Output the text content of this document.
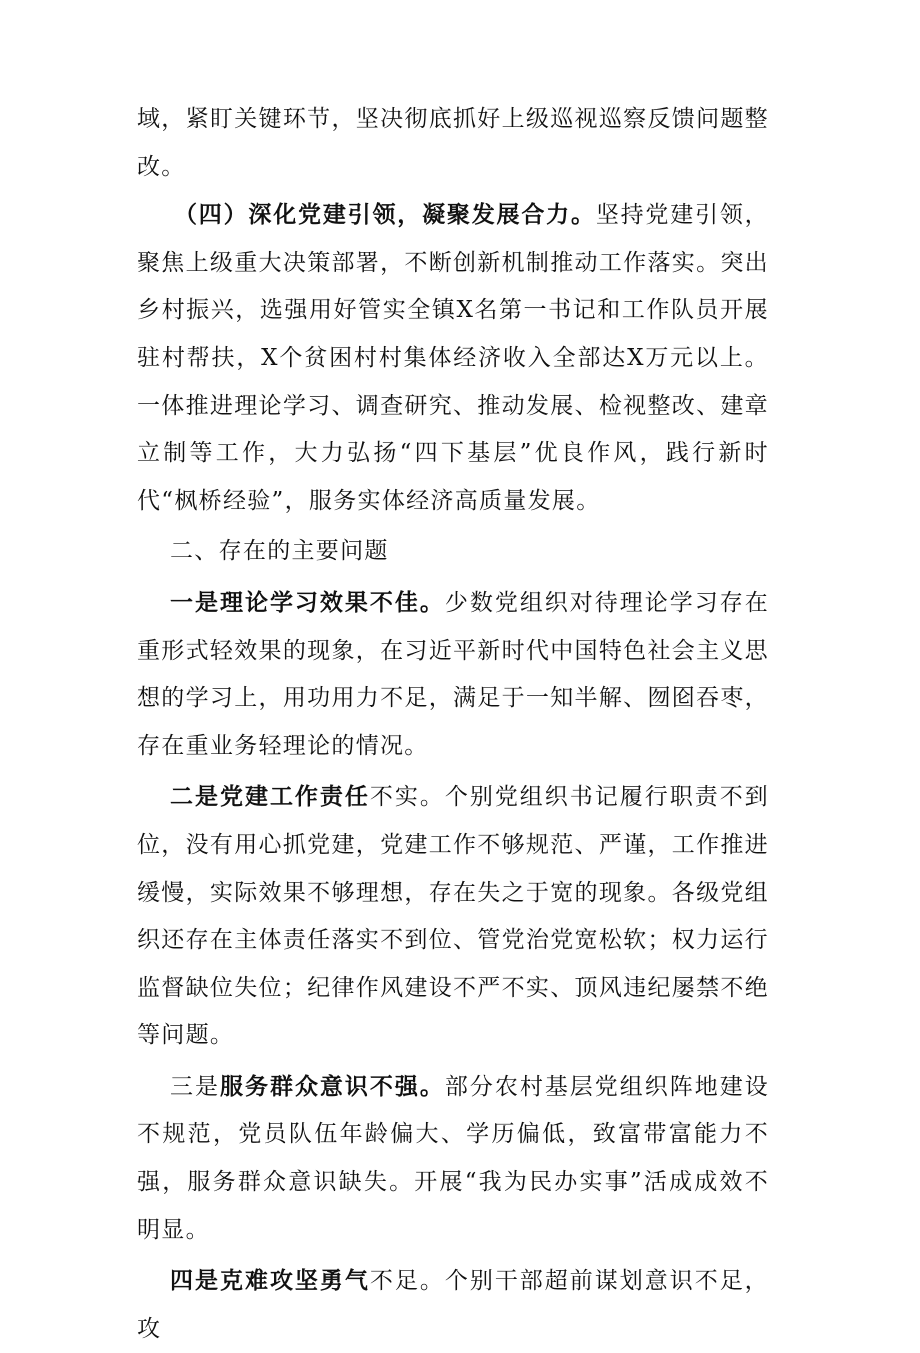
域，紧盯关键环节，坚决彻底抓好上级巡视巡察反馈问题整改。

（四）深化党建引领，凝聚发展合力。坚持党建引领，聚焦上级重大决策部署，不断创新机制推动工作落实。突出乡村振兴，选强用好管实全镇X名第一书记和工作队员开展驻村帮扶，X个贫困村村集体经济收入全部达X万元以上。一体推进理论学习、调查研究、推动发展、检视整改、建章立制等工作，大力弘扬“四下基层”优良作风，践行新时代“枫桥经验”，服务实体经济高质量发展。

二、存在的主要问题

一是理论学习效果不佳。少数党组织对待理论学习存在重形式轻效果的现象，在习近平新时代中国特色社会主义思想的学习上，用功用力不足，满足于一知半解、囫囵吞枣，存在重业务轻理论的情况。

二是党建工作责任不实。个别党组织书记履行职责不到位，没有用心抓党建，党建工作不够规范、严谨，工作推进缓慢，实际效果不够理想，存在失之于宽的现象。各级党组织还存在主体责任落实不到位、管党治党宽松软；权力运行监督缺位失位；纪律作风建设不严不实、顶风违纪屡禁不绝等问题。

三是服务群众意识不强。部分农村基层党组织阵地建设不规范，党员队伍年龄偏大、学历偏低，致富带富能力不强，服务群众意识缺失。开展“我为民办实事”活成成效不明显。

四是克难攻坚勇气不足。个别干部超前谋划意识不足，攻
